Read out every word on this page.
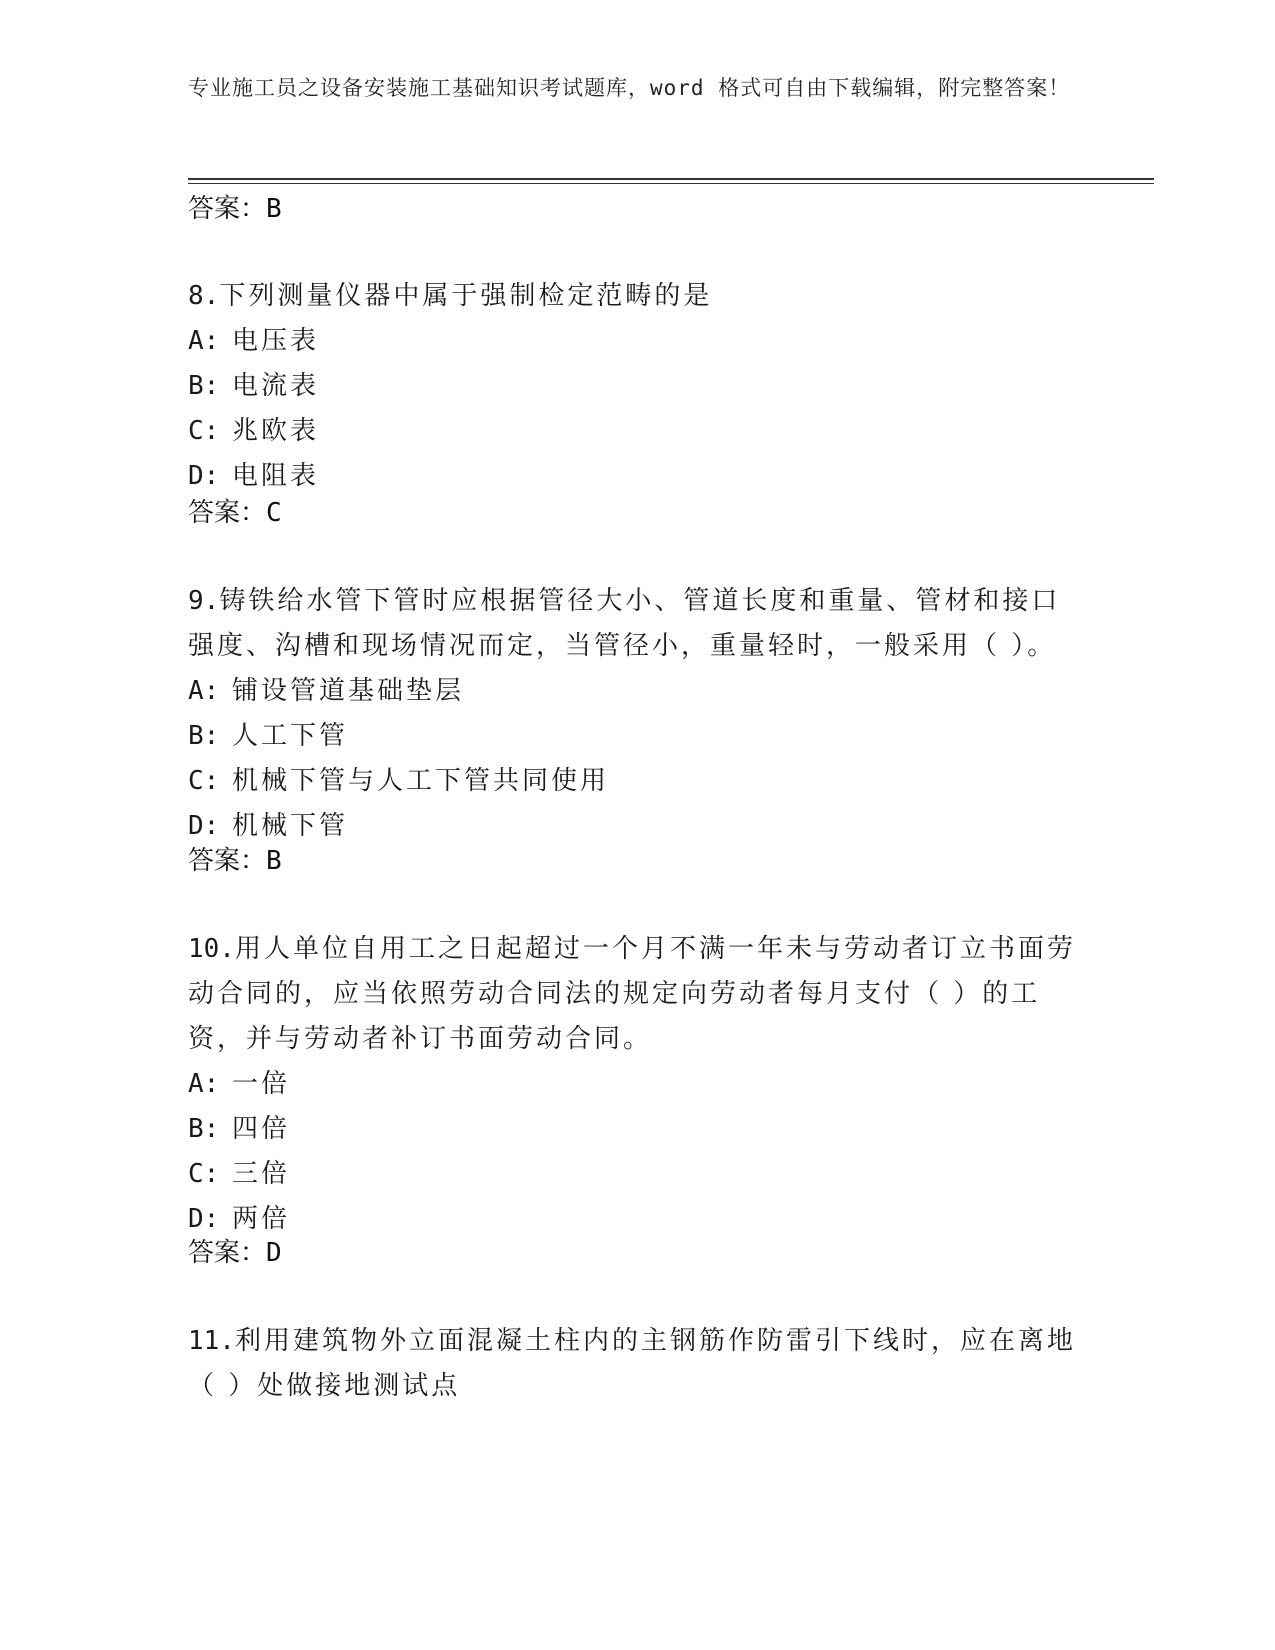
专业施工员之设备安装施工基础知识考试题库，word 格式可自由下载编辑，附完整答案！
答案：B
8.下列测量仪器中属于强制检定范畴的是
A: 电压表
B: 电流表
C: 兆欧表
D: 电阻表
答案：C
9.铸铁给水管下管时应根据管径大小、管道长度和重量、管材和接口强度、沟槽和现场情况而定，当管径小，重量轻时，一般采用（ ）。
A: 铺设管道基础垫层
B: 人工下管
C: 机械下管与人工下管共同使用
D: 机械下管
答案：B
10.用人单位自用工之日起超过一个月不满一年未与劳动者订立书面劳动合同的，应当依照劳动合同法的规定向劳动者每月支付（ ）的工资，并与劳动者补订书面劳动合同。
A: 一倍
B: 四倍
C: 三倍
D: 两倍
答案：D
11.利用建筑物外立面混凝土柱内的主钢筋作防雷引下线时，应在离地（ ）处做接地测试点
